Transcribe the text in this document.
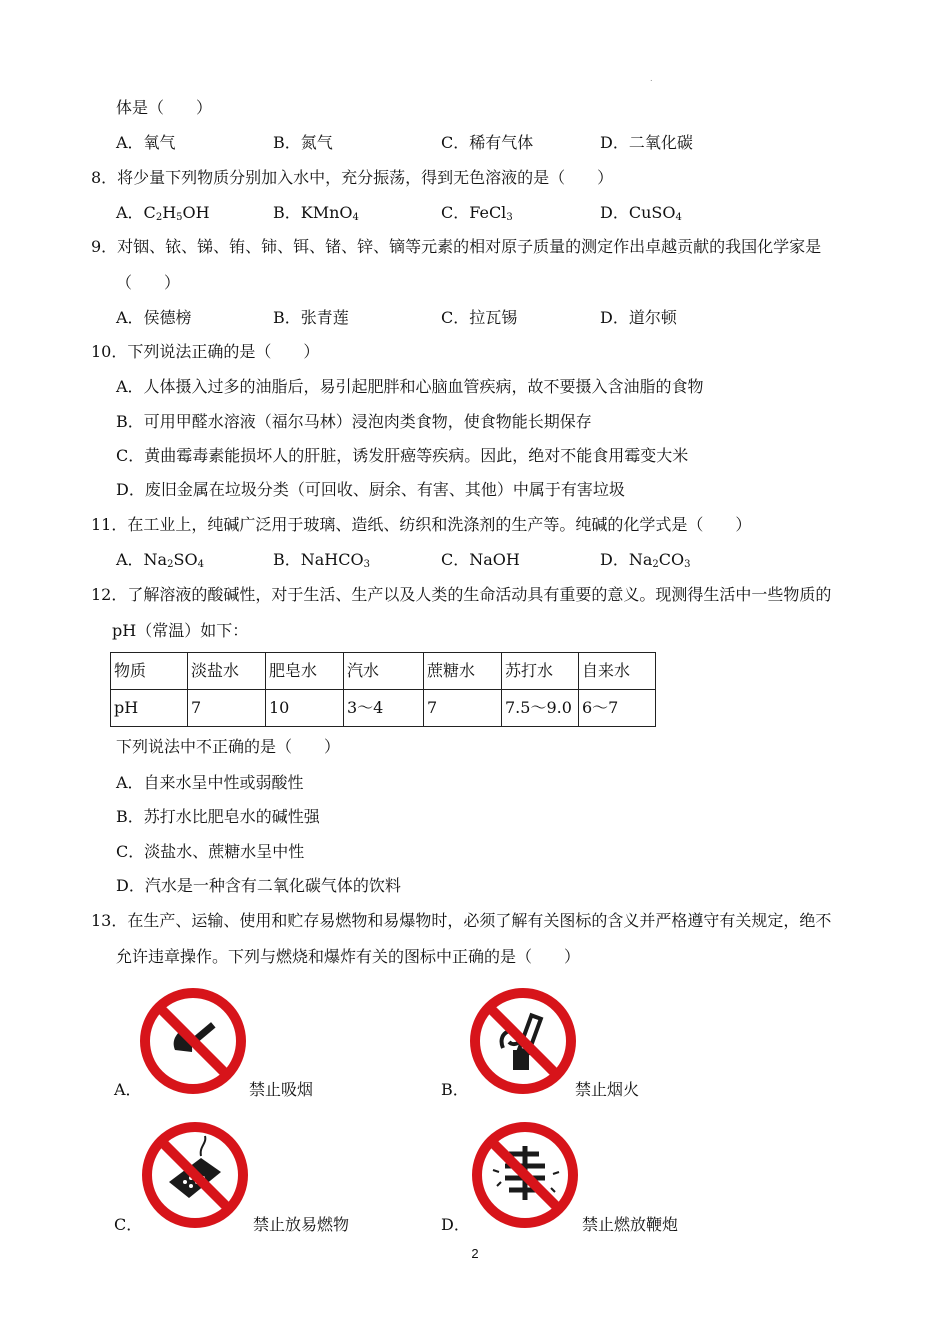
.
体是（　　）
A．氧气	B．氮气	C．稀有气体	D．二氧化碳
8．将少量下列物质分别加入水中，充分振荡，得到无色溶液的是（　　）
A．$C_2H_5OH$	B．KMnO$_4$	C．FeCl$_3$	D．CuSO$_4$
9．对铟、铱、锑、铕、铈、铒、锗、锌、镝等元素的相对原子质量的测定作出卓越贡献的我国化学家是
（　　）
A．侯德榜	B．张青莲	C．拉瓦锡	D．道尔顿
10．下列说法正确的是（　　）
A．人体摄入过多的油脂后，易引起肥胖和心脑血管疾病，故不要摄入含油脂的食物
B．可用甲醛水溶液（福尔马林）浸泡肉类食物，使食物能长期保存
C．黄曲霉毒素能损坏人的肝脏，诱发肝癌等疾病。因此，绝对不能食用霉变大米
D．废旧金属在垃圾分类（可回收、厨余、有害、其他）中属于有害垃圾
11．在工业上，纯碱广泛用于玻璃、造纸、纺织和洗涤剂的生产等。纯碱的化学式是（　　）
A．$Na_2SO_4$	B．NaHCO$_3$	C．NaOH	D．$Na_2CO_3$
12．了解溶液的酸碱性，对于生活、生产以及人类的生命活动具有重要的意义。现测得生活中一些物质的
pH（常温）如下：
物质	淡盐水	肥皂水	汽水	蔗糖水	苏打水	自来水
pH	7	10	3～4	7	7.5～9.0	6～7
下列说法中不正确的是（　　）
A．自来水呈中性或弱酸性
B．苏打水比肥皂水的碱性强
C．淡盐水、蔗糖水呈中性
D．汽水是一种含有二氧化碳气体的饮料
13．在生产、运输、使用和贮存易燃物和易爆物时，必须了解有关图标的含义并严格遵守有关规定，绝不
允许违章操作。下列与燃烧和爆炸有关的图标中正确的是（　　）
A．	禁止吸烟	B．	禁止烟火
C．	禁止放易燃物	D．	禁止燃放鞭炮
2
